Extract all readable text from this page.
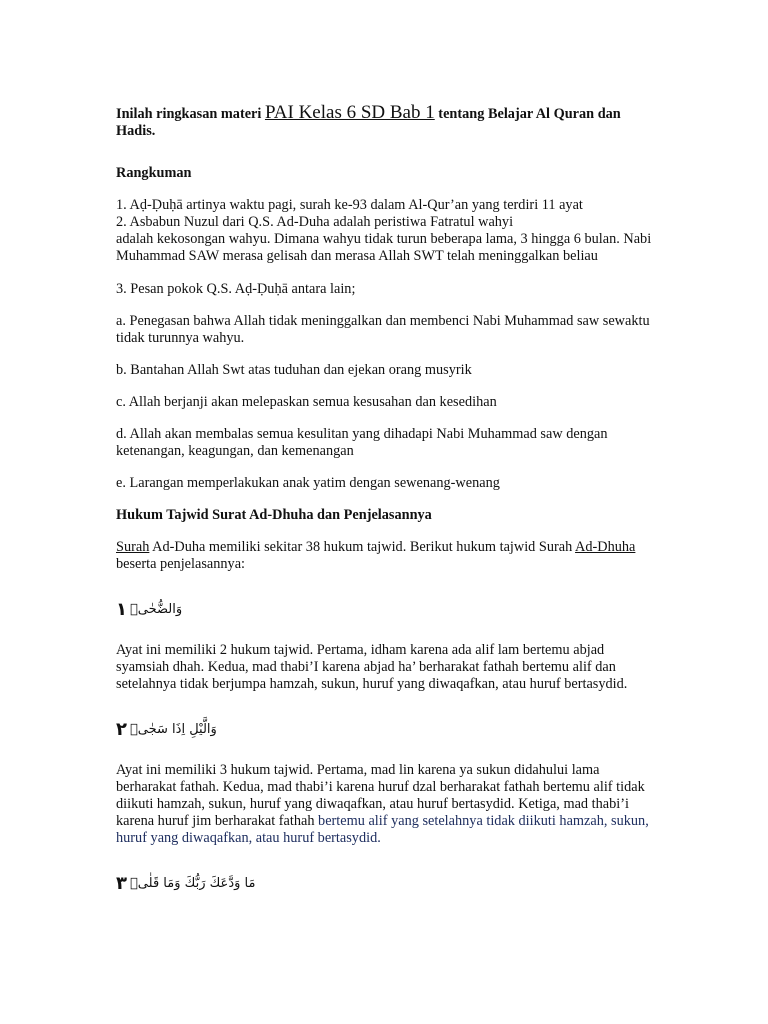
Inilah ringkasan materi PAI Kelas 6 SD Bab 1 tentang Belajar Al Quran dan Hadis.

Rangkuman

1. Aḍ-Ḍuḥā artinya waktu pagi, surah ke-93 dalam Al-Qur’an yang terdiri 11 ayat

2. Asbabun Nuzul dari Q.S. Ad-Duha adalah peristiwa Fatratul wahyi

adalah kekosongan wahyu. Dimana wahyu tidak turun beberapa lama, 3 hingga 6 bulan. Nabi Muhammad SAW merasa gelisah dan merasa Allah SWT telah meninggalkan beliau

3. Pesan pokok Q.S. Aḍ-Ḍuḥā antara lain;

a. Penegasan bahwa Allah tidak meninggalkan dan membenci Nabi Muhammad saw sewaktu tidak turunnya wahyu.

b. Bantahan Allah Swt atas tuduhan dan ejekan orang musyrik

c. Allah berjanji akan melepaskan semua kesusahan dan kesedihan

d. Allah akan membalas semua kesulitan yang dihadapi Nabi Muhammad saw dengan ketenangan, keagungan, dan kemenangan

e. Larangan memperlakukan anak yatim dengan sewenang-wenang

Hukum Tajwid Surat Ad-Dhuha dan Penjelasannya

Surah Ad-Duha memiliki sekitar 38 hukum tajwid. Berikut hukum tajwid Surah Ad-Dhuha beserta penjelasannya:

١ وَالضُّحٰىۙ

Ayat ini memiliki 2 hukum tajwid. Pertama, idham karena ada alif lam bertemu abjad syamsiah dhah. Kedua, mad thabi’I karena abjad ha’ berharakat fathah bertemu alif dan setelahnya tidak berjumpa hamzah, sukun, huruf yang diwaqafkan, atau huruf bertasydid.

٢ وَالَّيْلِ اِذَا سَجٰىۙ

Ayat ini memiliki 3 hukum tajwid. Pertama, mad lin karena ya sukun didahului lama berharakat fathah. Kedua, mad thabi’i karena huruf dzal berharakat fathah bertemu alif tidak diikuti hamzah, sukun, huruf yang diwaqafkan, atau huruf bertasydid. Ketiga, mad thabi’i karena huruf jim berharakat fathah bertemu alif yang setelahnya tidak diikuti hamzah, sukun, huruf yang diwaqafkan, atau huruf bertasydid.

٣ مَا وَدَّعَكَ رَبُّكَ وَمَا قَلٰىۗ
